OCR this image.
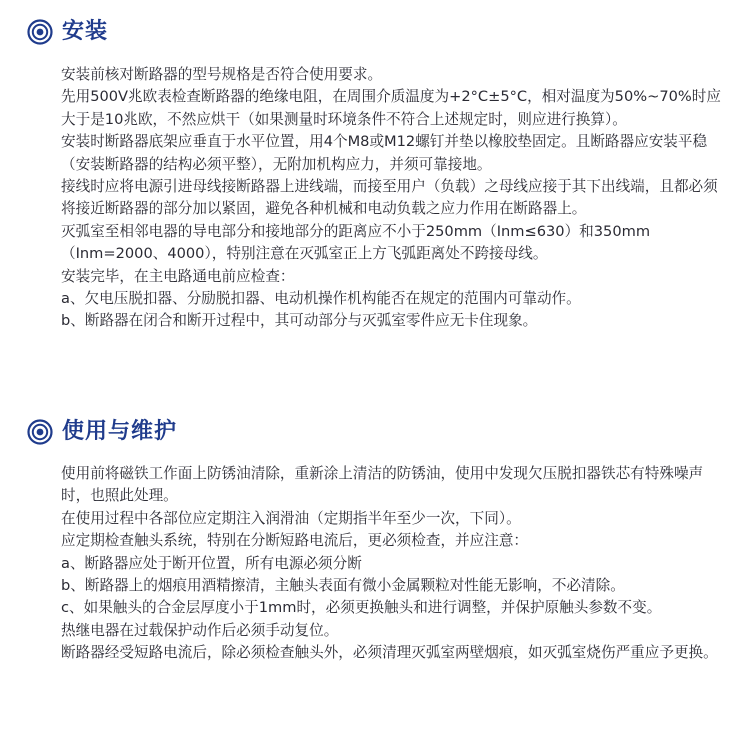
安装

安装前核对断路器的型号规格是否符合使用要求。

先用500V兆欧表检查断路器的绝缘电阻，在周围介质温度为+2°C±5°C，相对温度为50%~70%时应大于是10兆欧，不然应烘干（如果测量时环境条件不符合上述规定时，则应进行换算）。

安装时断路器底架应垂直于水平位置，用4个M8或M12螺钉并垫以橡胶垫固定。且断路器应安装平稳（安装断路器的结构必须平整），无附加机构应力，并须可靠接地。

接线时应将电源引进母线接断路器上进线端，而接至用户（负载）之母线应接于其下出线端，且都必须将接近断路器的部分加以紧固，避免各种机械和电动负载之应力作用在断路器上。

灭弧室至相邻电器的导电部分和接地部分的距离应不小于250mm（Inm≤630）和350mm（Inm=2000、4000），特别注意在灭弧室正上方飞弧距离处不跨接母线。

安装完毕，在主电路通电前应检查：

a、欠电压脱扣器、分励脱扣器、电动机操作机构能否在规定的范围内可靠动作。

b、断路器在闭合和断开过程中，其可动部分与灭弧室零件应无卡住现象。

使用与维护

使用前将磁铁工作面上防锈油清除，重新涂上清洁的防锈油，使用中发现欠压脱扣器铁芯有特殊噪声时，也照此处理。

在使用过程中各部位应定期注入润滑油（定期指半年至少一次，下同）。

应定期检查触头系统，特别在分断短路电流后，更必须检查，并应注意：

a、断路器应处于断开位置，所有电源必须分断

b、断路器上的烟痕用酒精擦清，主触头表面有微小金属颗粒对性能无影响，不必清除。

c、如果触头的合金层厚度小于1mm时，必须更换触头和进行调整，并保护原触头参数不变。

热继电器在过载保护动作后必须手动复位。

断路器经受短路电流后，除必须检查触头外，必须清理灭弧室两壁烟痕，如灭弧室烧伤严重应予更换。
